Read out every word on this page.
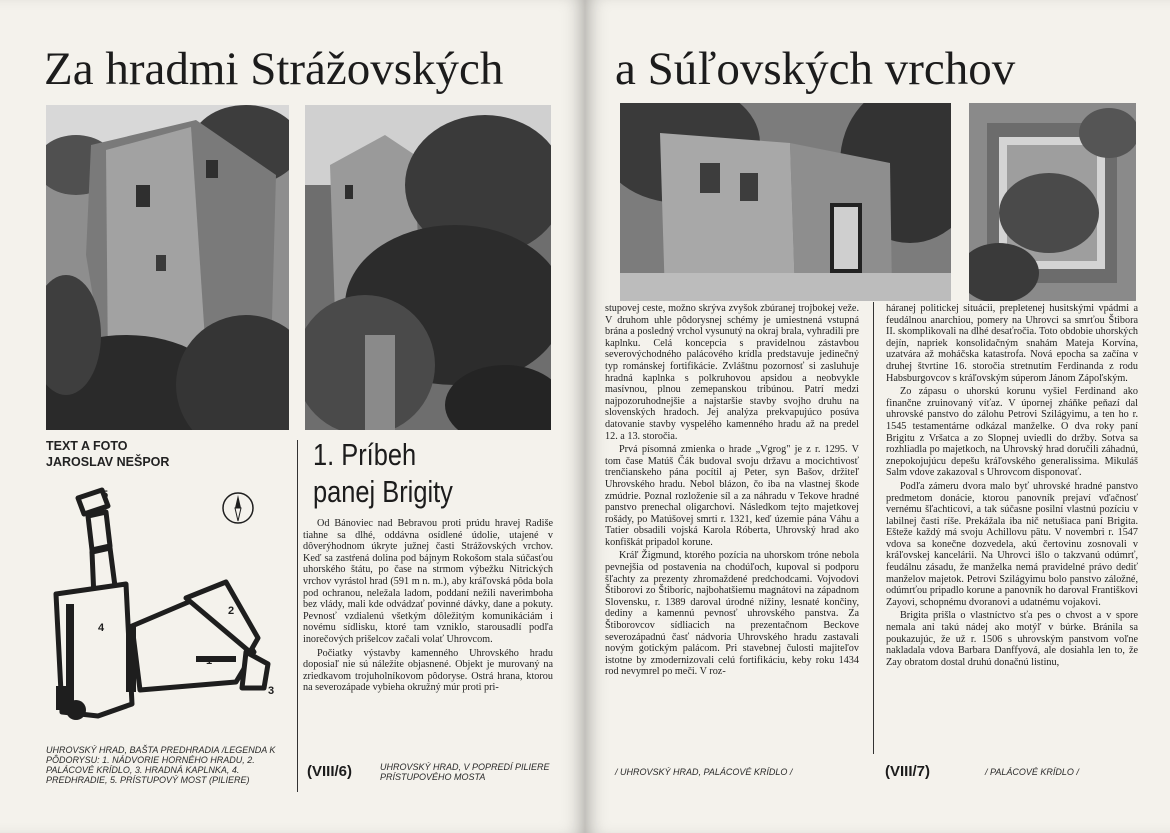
Za hradmi Strážovských
TEXT A FOTO
JAROSLAV NEŠPOR
5
4
1
2
3
UHROVSKÝ HRAD, BAŠTA PREDHRADIA /LEGENDA K PÔDORYSU: 1. NÁDVORIE HORNÉHO HRADU, 2. PALÁCOVÉ KRÍDLO, 3. HRADNÁ KAPLNKA, 4. PREDHRADIE, 5. PRÍSTUPOVÝ MOST (PILIERE)
1. Príbeh
panej Brigity

Od Bánoviec nad Bebravou proti prúdu hravej Radiše tiahne sa dlhé, oddávna osídlené údolie, utajené v dôverýhodnom úkryte južnej časti Strážovských vrchov. Keď sa zastŕená dolina pod bájnym Rokošom stala súčasťou uhorského štátu, po čase na strmom výbežku Nitrických vrchov vyrástol hrad (591 m n. m.), aby kráľovská pôda bola pod ochranou, neležala ladom, poddaní nežili naverimboha bez vlády, mali kde odvádzať povinné dávky, dane a pokuty. Pevnosť vzdialenú všetkým dôležitým komunikáciám i novému sídlisku, ktoré tam vzniklo, starousadlí podľa inorečových prišelcov začali volať Uhrovcom.

Počiatky výstavby kamenného Uhrovského hradu doposiaľ nie sú náležite objasnené. Objekt je murovaný na zriedkavom trojuholníkovom pôdoryse. Ostrá hrana, ktorou na severozápade vybieha okružný múr proti pri-

(VIII/6)	UHROVSKÝ HRAD, V POPREDÍ PILIERE PRÍSTUPOVÉHO MOSTA
a Súľovských vrchov

stupovej ceste, možno skrýva zvyšok zbúranej trojbokej veže. V druhom uhle pôdorysnej schémy je umiestnená vstupná brána a posledný vrchol vysunutý na okraj brala, vyhradili pre kaplnku. Celá koncepcia s pravidelnou zástavbou severovýchodného palácového krídla predstavuje jedinečný typ románskej fortifikácie. Zvláštnu pozornosť si zasluhuje hradná kaplnka s polkruhovou apsidou a neobvykle masívnou, plnou zemepanskou tribúnou. Patrí medzi najpozoruhodnejšie a najstaršie stavby svojho druhu na slovenských hradoch. Jej analýza prekvapujúco posúva datovanie stavby vyspelého kamenného hradu až na predel 12. a 13. storočia.

Prvá písomná zmienka o hrade „Vgrog" je z r. 1295. V tom čase Matúš Čák budoval svoju državu a mocichtivosť trenčianskeho pána pocítil aj Peter, syn Bašov, držiteľ Uhrovského hradu. Nebol blázon, čo iba na vlastnej škode zmúdrie. Poznal rozloženie síl a za náhradu v Tekove hradné panstvo prenechal oligarchovi. Následkom tejto majetkovej rošády, po Matúšovej smrti r. 1321, keď územie pána Váhu a Tatier obsadili vojská Karola Róberta, Uhrovský hrad ako konfiškát pripadol korune.

Kráľ Žigmund, ktorého pozícia na uhorskom tróne nebola pevnejšia od postavenia na chodúľoch, kupoval si podporu šľachty za prezenty zhromaždené predchodcami. Vojvodovi Štiborovi zo Štiboríc, najbohatšiemu magnátovi na západnom Slovensku, r. 1389 daroval úrodné nížiny, lesnaté končiny, dediny a kamennú pevnosť uhrovského panstva. Za Štiborovcov sídliacich na prezentačnom Beckove severozápadnú časť nádvoria Uhrovského hradu zastavali novým gotickým palácom. Pri stavebnej čulosti majiteľov istotne by zmodernizovali celú fortifikáciu, keby roku 1434 rod nevymrel po meči. V roz-

háranej politickej situácii, prepletenej husitskými vpádmi a feudálnou anarchiou, pomery na Uhrovci sa smrťou Štibora II. skomplikovali na dlhé desaťročia. Toto obdobie uhorských dejín, napriek konsolidačným snahám Mateja Korvína, uzatvára až moháčska katastrofa. Nová epocha sa začína v druhej štvrtine 16. storočia stretnutím Ferdinanda z rodu Habsburgovcov s kráľovským súperom Jánom Zápoľským.

Zo zápasu o uhorskú korunu vyšiel Ferdinand ako finančne zruinovaný víťaz. V úpornej zháňke peňazí dal uhrovské panstvo do zálohu Petrovi Szilágyimu, a ten ho r. 1545 testamentárne odkázal manželke. O dva roky paní Brigitu z Vršatca a zo Slopnej uviedli do držby. Sotva sa rozhliadla po majetkoch, na Uhrovský hrad doručili záhadnú, znepokojujúcu depešu kráľovského generalissima. Mikuláš Salm vdove zakazoval s Uhrovcom disponovať.

Podľa zámeru dvora malo byť uhrovské hradné panstvo predmetom donácie, ktorou panovník prejaví vďačnosť vernému šľachticovi, a tak súčasne posilní vlastnú pozíciu v labilnej časti ríše. Prekážala iba nič netušiaca paní Brigita. Ešteže každý má svoju Achillovu pätu. V novembri r. 1547 vdova sa konečne dozvedela, akú čertovinu zosnovali v kráľovskej kancelárii. Na Uhrovci išlo o takzvanú odúmrť, feudálnu zásadu, že manželka nemá pravidelné právo dediť manželov majetok. Petrovi Szilágyimu bolo panstvo záložné, odúmrťou pripadlo korune a panovník ho daroval Františkovi Zayovi, schopnému dvoranovi a udatnému vojakovi.

Brigita prišla o vlastníctvo sťa pes o chvost a v spore nemala ani takú nádej ako motýľ v búrke. Bránila sa poukazujúc, že už r. 1506 s uhrovským panstvom voľne nakladala vdova Barbara Danffyová, ale dosiahla len to, že Zay obratom dostal druhú donačnú listinu,

/ UHROVSKÝ HRAD, PALÁCOVÉ KRÍDLO /	(VIII/7)	/ PALÁCOVÉ KRÍDLO /
